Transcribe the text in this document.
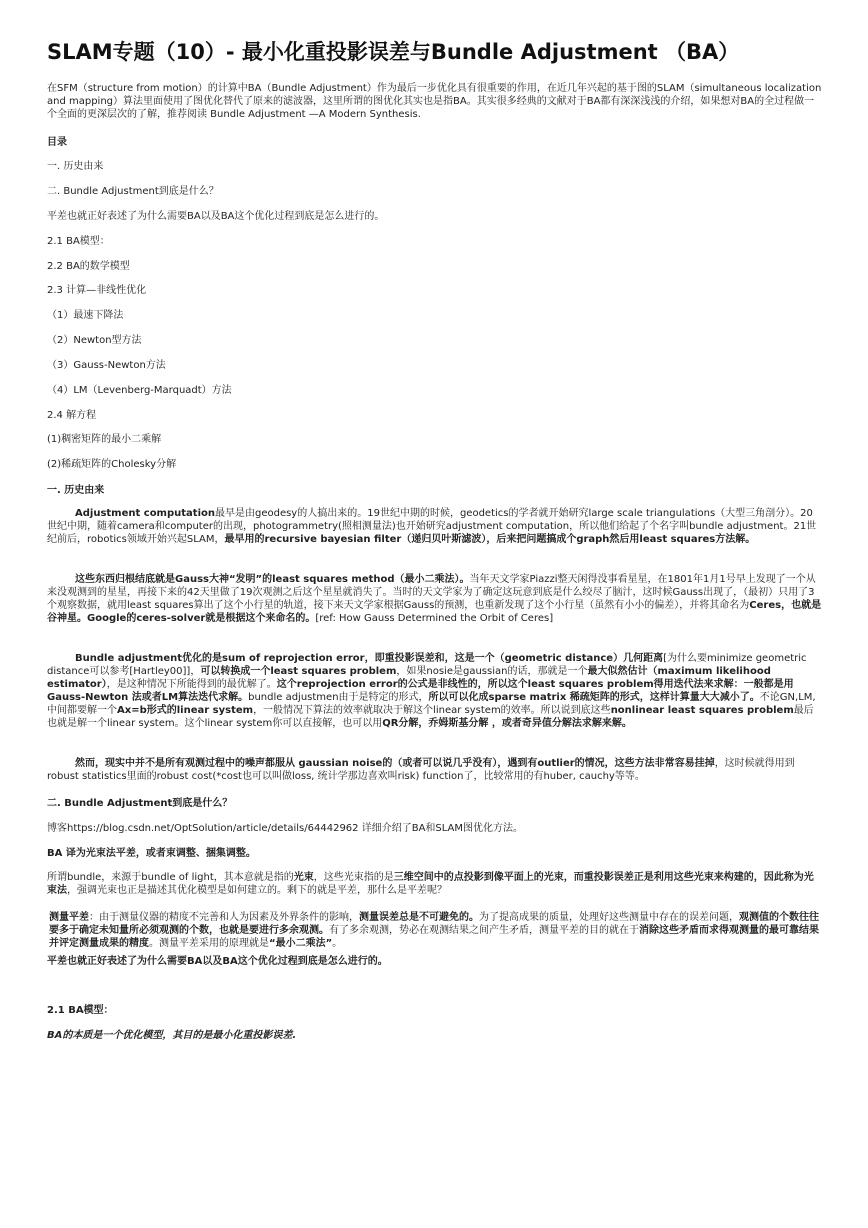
SLAM专题（10）- 最小化重投影误差与Bundle Adjustment （BA）

在SFM（structure from motion）的计算中BA（Bundle Adjustment）作为最后一步优化具有很重要的作用，在近几年兴起的基于图的SLAM（simultaneous localization and mapping）算法里面使用了图优化替代了原来的滤波器，这里所谓的图优化其实也是指BA。其实很多经典的文献对于BA都有深深浅浅的介绍，如果想对BA的全过程做一个全面的更深层次的了解，推荐阅读 Bundle Adjustment —A Modern Synthesis.

目录

一. 历史由来

二. Bundle Adjustment到底是什么？

平差也就正好表述了为什么需要BA以及BA这个优化过程到底是怎么进行的。

2.1 BA模型：

2.2 BA的数学模型

2.3 计算—非线性优化

（1）最速下降法

（2）Newton型方法

（3）Gauss-Newton方法

（4）LM（Levenberg-Marquadt）方法

2.4 解方程

(1)稠密矩阵的最小二乘解

(2)稀疏矩阵的Cholesky分解

一. 历史由来

Adjustment computation最早是由geodesy的人搞出来的。19世纪中期的时候，geodetics的学者就开始研究large scale triangulations（大型三角剖分）。20世纪中期，随着camera和computer的出现，photogrammetry(照相测量法)也开始研究adjustment computation，所以他们给起了个名字叫bundle adjustment。21世纪前后，robotics领域开始兴起SLAM，最早用的recursive bayesian filter（递归贝叶斯滤波），后来把问题搞成个graph然后用least squares方法解。

这些东西归根结底就是Gauss大神“发明”的least squares method（最小二乘法）。当年天文学家Piazzi整天闲得没事看星星，在1801年1月1号早上发现了一个从来没观测到的星星，再接下来的42天里做了19次观测之后这个星星就消失了。当时的天文学家为了确定这玩意到底是什么绞尽了脑汁，这时候Gauss出现了，（最初）只用了3个观察数据，就用least squares算出了这个小行星的轨道，接下来天文学家根据Gauss的预测，也重新发现了这个小行星（虽然有小小的偏差），并将其命名为Ceres，也就是谷神星。Google的ceres-solver就是根据这个来命名的。[ref: How Gauss Determined the Orbit of Ceres]

Bundle adjustment优化的是sum of reprojection error，即重投影误差和，这是一个（geometric distance）几何距离[为什么要minimize geometric distance可以参考[Hartley00]]，可以转换成一个least squares problem，如果nosie是gaussian的话，那就是一个最大似然估计（maximum likelihood estimator），是这种情况下所能得到的最优解了。这个reprojection error的公式是非线性的，所以这个least squares problem得用迭代法来求解：一般都是用Gauss-Newton 法或者LM算法迭代求解。bundle adjustmen由于是特定的形式，所以可以化成sparse matrix 稀疏矩阵的形式，这样计算量大大减小了。不论GN,LM,中间都要解一个Ax=b形式的linear system，一般情况下算法的效率就取决于解这个linear system的效率。所以说到底这些nonlinear least squares problem最后也就是解一个linear system。这个linear system你可以直接解，也可以用QR分解，乔姆斯基分解 ，或者奇异值分解法求解来解。

然而，现实中并不是所有观测过程中的噪声都服从 gaussian noise的（或者可以说几乎没有），遇到有outlier的情况，这些方法非常容易挂掉，这时候就得用到robust statistics里面的robust cost(*cost也可以叫做loss, 统计学那边喜欢叫risk) function了，比较常用的有huber, cauchy等等。

二. Bundle Adjustment到底是什么？

博客https://blog.csdn.net/OptSolution/article/details/64442962 详细介绍了BA和SLAM图优化方法。

BA 译为光束法平差，或者束调整、捆集调整。

所谓bundle，来源于bundle of light，其本意就是指的光束，这些光束指的是三维空间中的点投影到像平面上的光束，而重投影误差正是利用这些光束来构建的，因此称为光束法，强调光束也正是描述其优化模型是如何建立的。剩下的就是平差，那什么是平差呢？

测量平差：由于测量仪器的精度不完善和人为因素及外界条件的影响，测量误差总是不可避免的。为了提高成果的质量，处理好这些测量中存在的误差问题，观测值的个数往往要多于确定未知量所必须观测的个数，也就是要进行多余观测。有了多余观测，势必在观测结果之间产生矛盾，测量平差的目的就在于消除这些矛盾而求得观测量的最可靠结果并评定测量成果的精度。测量平差采用的原理就是“最小二乘法”。

平差也就正好表述了为什么需要BA以及BA这个优化过程到底是怎么进行的。

2.1 BA模型：

BA的本质是一个优化模型，其目的是最小化重投影误差.
